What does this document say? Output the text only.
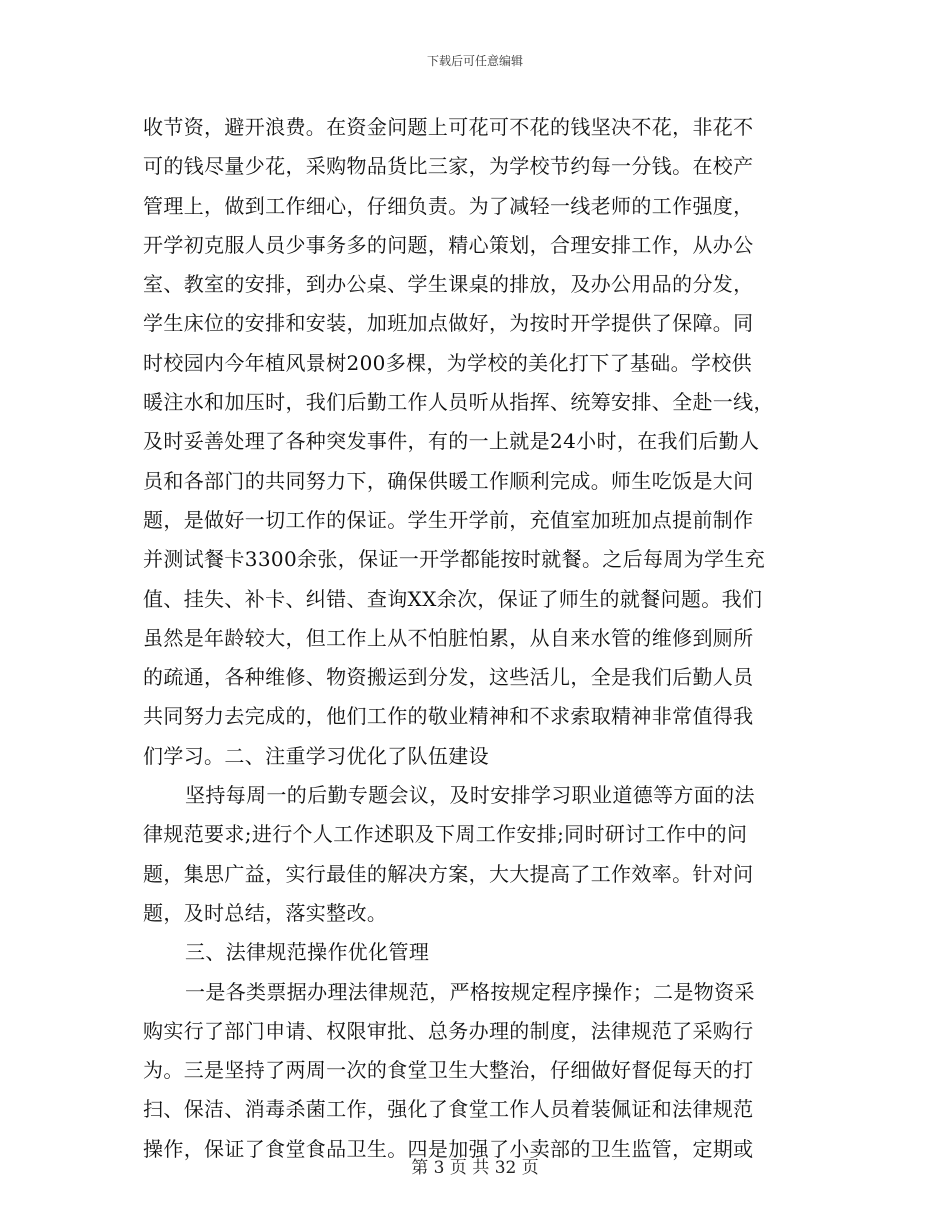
下载后可任意编辑
收节资，避开浪费。在资金问题上可花可不花的钱坚决不花，非花不
可的钱尽量少花，采购物品货比三家，为学校节约每一分钱。在校产
管理上，做到工作细心，仔细负责。为了减轻一线老师的工作强度，
开学初克服人员少事务多的问题，精心策划，合理安排工作，从办公
室、教室的安排，到办公桌、学生课桌的排放，及办公用品的分发，
学生床位的安排和安装，加班加点做好，为按时开学提供了保障。同
时校园内今年植风景树200多棵，为学校的美化打下了基础。学校供
暖注水和加压时，我们后勤工作人员听从指挥、统筹安排、全赴一线，
及时妥善处理了各种突发事件，有的一上就是24小时，在我们后勤人
员和各部门的共同努力下，确保供暖工作顺利完成。师生吃饭是大问
题，是做好一切工作的保证。学生开学前，充值室加班加点提前制作
并测试餐卡3300余张，保证一开学都能按时就餐。之后每周为学生充
值、挂失、补卡、纠错、查询XX余次，保证了师生的就餐问题。我们
虽然是年龄较大，但工作上从不怕脏怕累，从自来水管的维修到厕所
的疏通，各种维修、物资搬运到分发，这些活儿，全是我们后勤人员
共同努力去完成的，他们工作的敬业精神和不求索取精神非常值得我
们学习。二、注重学习优化了队伍建设
坚持每周一的后勤专题会议，及时安排学习职业道德等方面的法
律规范要求;进行个人工作述职及下周工作安排;同时研讨工作中的问
题，集思广益，实行最佳的解决方案，大大提高了工作效率。针对问
题，及时总结，落实整改。
三、法律规范操作优化管理
一是各类票据办理法律规范，严格按规定程序操作；二是物资采
购实行了部门申请、权限审批、总务办理的制度，法律规范了采购行
为。三是坚持了两周一次的食堂卫生大整治，仔细做好督促每天的打
扫、保洁、消毒杀菌工作，强化了食堂工作人员着装佩证和法律规范
操作，保证了食堂食品卫生。四是加强了小卖部的卫生监管，定期或
第 3 页 共 32 页
